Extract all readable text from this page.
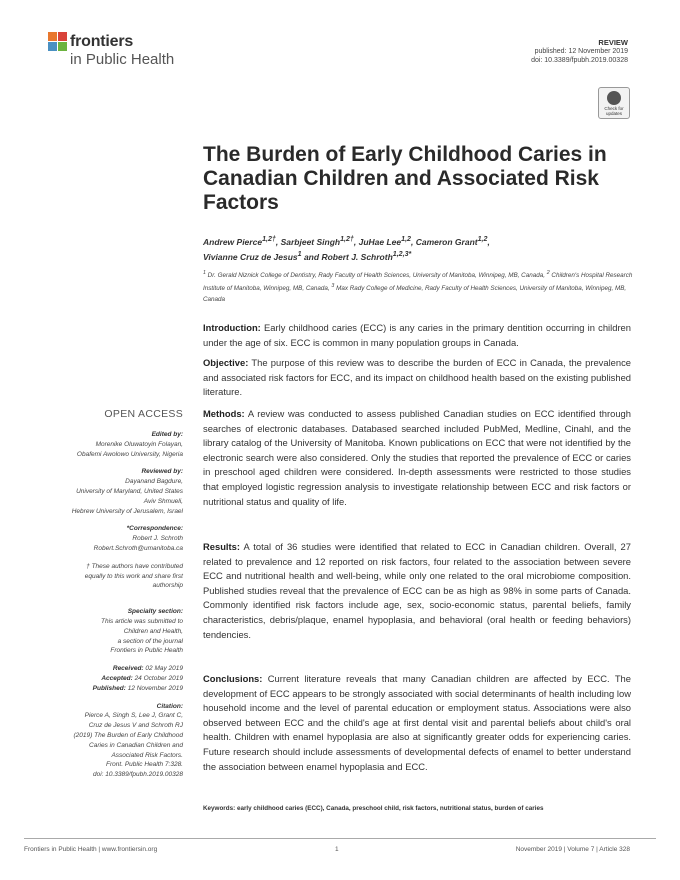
frontiers
in Public Health
REVIEW
published: 12 November 2019
doi: 10.3389/fpubh.2019.00328
Check for updates
The Burden of Early Childhood Caries in Canadian Children and Associated Risk Factors
Andrew Pierce$^{1,2\dagger}$, Sarbjeet Singh$^{1,2\dagger}$, JuHae Lee$^{1,2}$, Cameron Grant$^{1,2}$,
Vivianne Cruz de Jesus$^1$ and Robert J. Schroth$^{1,2,3*}$
$^1$ Dr. Gerald Niznick College of Dentistry, Rady Faculty of Health Sciences, University of Manitoba, Winnipeg, MB, Canada, $^2$ Children's Hospital Research Institute of Manitoba, Winnipeg, MB, Canada, $^3$ Max Rady College of Medicine, Rady Faculty of Health Sciences, University of Manitoba, Winnipeg, MB, Canada
Introduction: Early childhood caries (ECC) is any caries in the primary dentition occurring in children under the age of six. ECC is common in many population groups in Canada.
Objective: The purpose of this review was to describe the burden of ECC in Canada, the prevalence and associated risk factors for ECC, and its impact on childhood health based on the existing published literature.
Methods: A review was conducted to assess published Canadian studies on ECC identified through searches of electronic databases. Databased searched included PubMed, Medline, Cinahl, and the library catalog of the University of Manitoba. Known publications on ECC that were not identified by the electronic search were also considered. Only the studies that reported the prevalence of ECC or caries in preschool aged children were considered. In-depth assessments were restricted to those studies that employed logistic regression analysis to investigate relationship between ECC and risk factors or nutritional status and quality of life.
Results: A total of 36 studies were identified that related to ECC in Canadian children. Overall, 27 related to prevalence and 12 reported on risk factors, four related to the association between severe ECC and nutritional health and well-being, while only one related to the oral microbiome composition. Published studies reveal that the prevalence of ECC can be as high as 98% in some parts of Canada. Commonly identified risk factors include age, sex, socio-economic status, parental beliefs, family characteristics, debris/plaque, enamel hypoplasia, and behavioral (oral health or feeding behaviors) tendencies.
Conclusions: Current literature reveals that many Canadian children are affected by ECC. The development of ECC appears to be strongly associated with social determinants of health including low household income and the level of parental education or employment status. Associations were also observed between ECC and the child's age at first dental visit and parental beliefs about child's oral health. Children with enamel hypoplasia are also at significantly greater odds for experiencing caries. Future research should include assessments of developmental defects of enamel to better understand the association between enamel hypoplasia and ECC.
Keywords: early childhood caries (ECC), Canada, preschool child, risk factors, nutritional status, burden of caries
OPEN ACCESS
Edited by:
Morenike Oluwatoyin Folayan,
Obafemi Awolowo University, Nigeria
Reviewed by:
Dayanand Bagdure,
University of Maryland, United States
Aviv Shmueli,
Hebrew University of Jerusalem, Israel
*Correspondence:
Robert J. Schroth
Robert.Schroth@umanitoba.ca
† These authors have contributed
equally to this work and share first
authorship
Specialty section:
This article was submitted to
Children and Health,
a section of the journal
Frontiers in Public Health
Received: 02 May 2019
Accepted: 24 October 2019
Published: 12 November 2019
Citation:
Pierce A, Singh S, Lee J, Grant C,
Cruz de Jesus V and Schroth RJ
(2019) The Burden of Early Childhood
Caries in Canadian Children and
Associated Risk Factors.
Front. Public Health 7:328.
doi: 10.3389/fpubh.2019.00328
Frontiers in Public Health | www.frontiersin.org	1	November 2019 | Volume 7 | Article 328
